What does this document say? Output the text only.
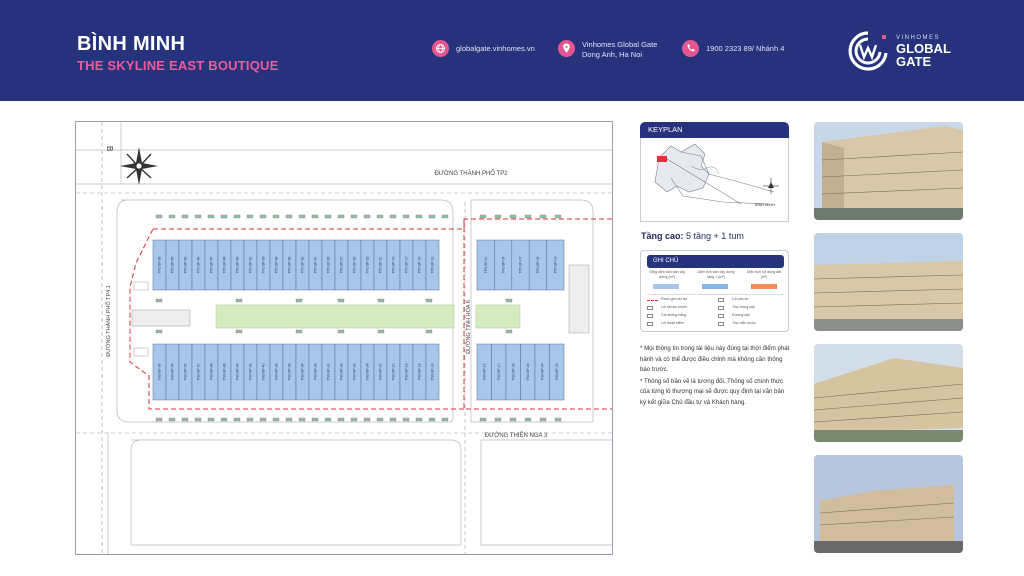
BÌNH MINH
THE SKYLINE EAST BOUTIQUE
globalgate.vinhomes.vn	Vinhomes Global Gate
Dong Anh, Ha Noi
1900 2323 89/ Nhánh 4
VINHOMES
GLOBAL
GATE
TP2-SP-58	TP2-SP-55	TP2-SP-52	TP2-SP-49	TP2-SP-47	TP2-SP-46	TP2-SP-43	TP2-SP-41	TP2-SP-39	TP2-SP-38	TP2-SP-36	TP2-SP-33	TP2-SP-31	TP2-SP-29	TP2-SP-27	TP2-SP-25	TP2-SP-23	TP2-SP-21	TP2-SP-19	TP2-SP-17	TP2-SP-15	TP2-SP-13	TP2-SP-11	TP2-SP-09	TP2-SP-07	TP2-SP-05	TP2-SP-03
TN3-SP-56	TN3-SP-54	TN3-SP-52	TN3-SP-50	TN3-SP-48	TN3-SP-46	TN3-SP-44	TN3-SP-42	TN3-SP-40	TN3-SP-38	TN3-SP-36	TN3-SP-34	TN3-SP-32	TN3-SP-30	TN3-SP-28	TN3-SP-26	TN3-SP-24	TN3-SP-22	TN3-SP-20	TN3-SP-18	TN3-SP-16	TN3-SP-14	TN3-SP-12	TN3-SP-10	TN3-SP-08	TN3-SP-06	TN3-SP-04	TN3-SP-02
B
ĐƯỜNG THÀNH PHỐ TP2
ĐƯỜNG THIÊN NGA 3
ĐƯỜNG THÀNH PHỐ TP4.1	ĐƯỜNG TINH HOA 6
KEYPLAN
BÌNH MINH
Tầng cao: 5 tầng + 1 tum
GHI CHÚ
Tổng diện tích sàn xây dựng (m²)
Diện tích sàn xây dựng tầng 1 (m²)
Diện tích sử dụng đất (m²)
Ranh giới dự án	Lối vào xe
Lối ra/vào chính	Trục trồng cây
Cột chống nắng	Đường dốc
Lối thoát hiểm	Trục dẫn nước

* Mọi thông tin trong tài liệu này đúng tại thời điểm phát hành và có thể được điều chỉnh mà không cần thông báo trước.

* Thông số bản vẽ là tương đối. Thông số chính thức của từng lô thương mại sẽ được quy định tại văn bản ký kết giữa Chủ đầu tư và Khách hàng.
